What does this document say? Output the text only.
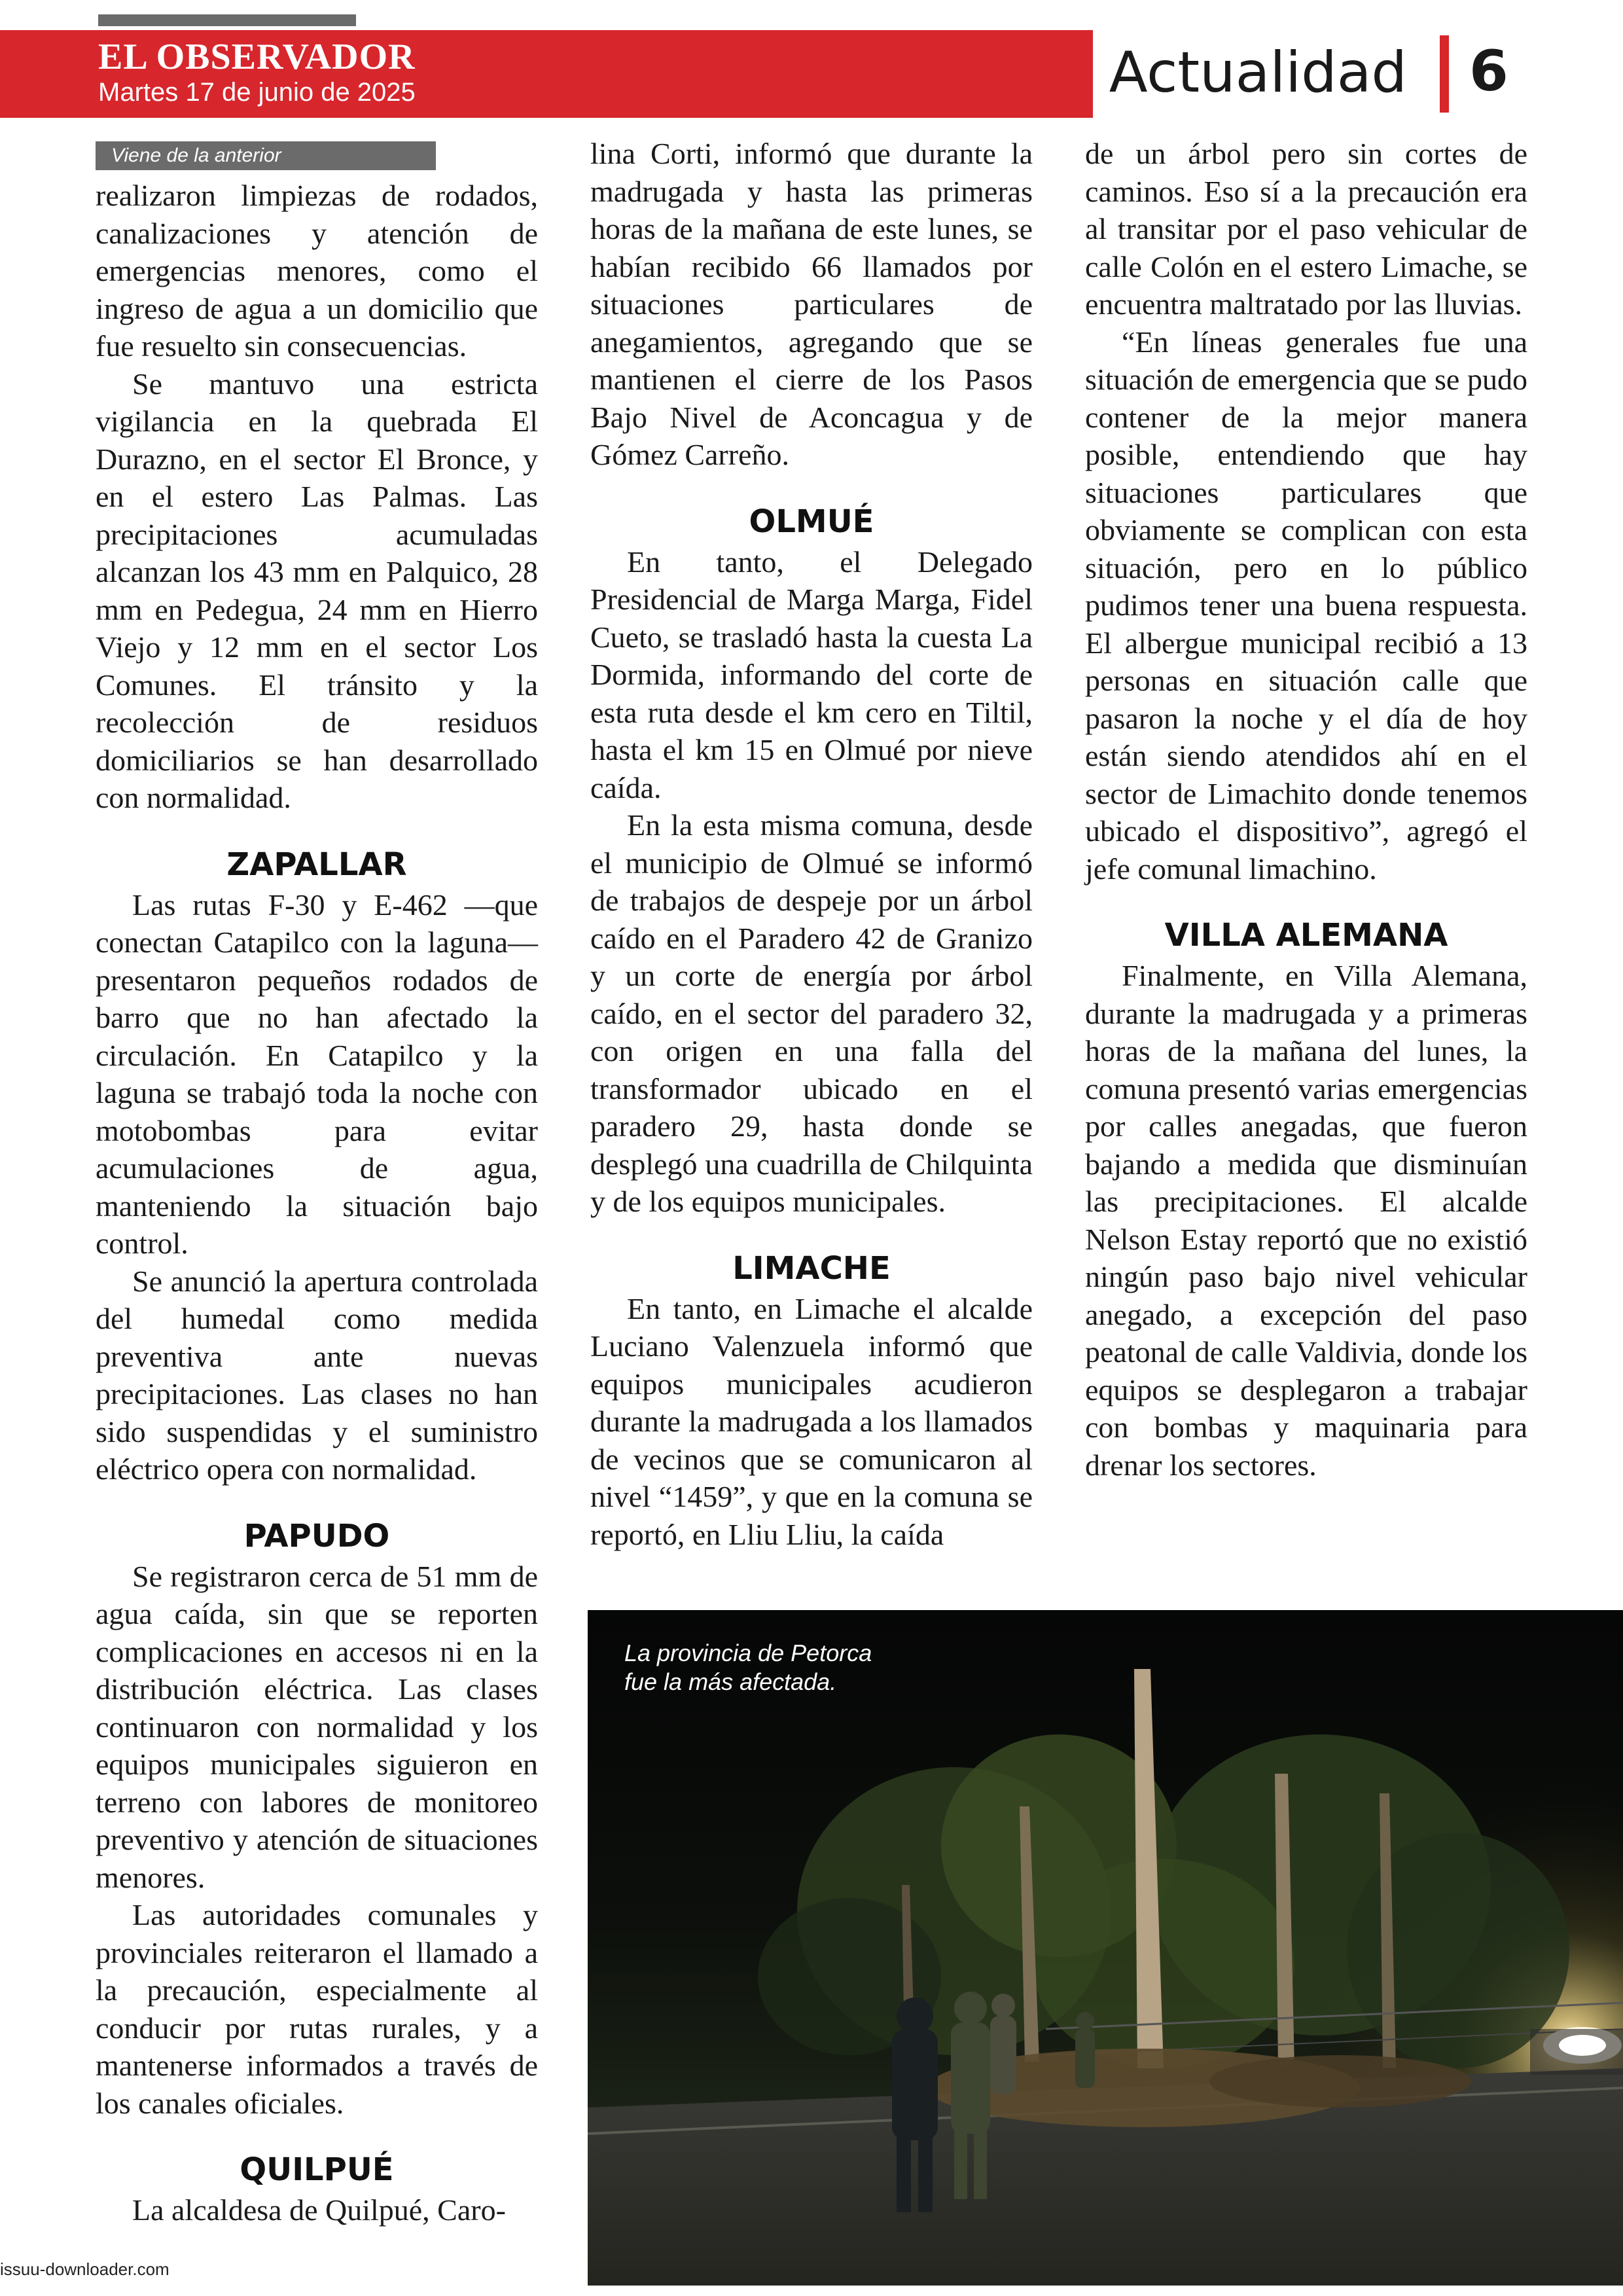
EL OBSERVADOR
Martes 17 de junio de 2025	Actualidad 6
Viene de la anterior

realizaron limpiezas de rodados, canalizaciones y atención de emergencias menores, como el ingreso de agua a un domicilio que fue resuelto sin consecuencias.

Se mantuvo una estricta vigilancia en la quebrada El Durazno, en el sector El Bronce, y en el estero Las Palmas. Las precipitaciones acumuladas alcanzan los 43 mm en Palquico, 28 mm en Pedegua, 24 mm en Hierro Viejo y 12 mm en el sector Los Comunes. El tránsito y la recolección de residuos domiciliarios se han desarrollado con normalidad.

ZAPALLAR

Las rutas F-30 y E-462 —que conectan Catapilco con la laguna— presentaron pequeños rodados de barro que no han afectado la circulación. En Catapilco y la laguna se trabajó toda la noche con motobombas para evitar acumulaciones de agua, manteniendo la situación bajo control.

Se anunció la apertura controlada del humedal como medida preventiva ante nuevas precipitaciones. Las clases no han sido suspendidas y el suministro eléctrico opera con normalidad.

PAPUDO

Se registraron cerca de 51 mm de agua caída, sin que se reporten complicaciones en accesos ni en la distribución eléctrica. Las clases continuaron con normalidad y los equipos municipales siguieron en terreno con labores de monitoreo preventivo y atención de situaciones menores.

Las autoridades comunales y provinciales reiteraron el llamado a la precaución, especialmente al conducir por rutas rurales, y a mantenerse informados a través de los canales oficiales.

QUILPUÉ

La alcaldesa de Quilpué, Caro-

lina Corti, informó que durante la madrugada y hasta las primeras horas de la mañana de este lunes, se habían recibido 66 llamados por situaciones particulares de anegamientos, agregando que se mantienen el cierre de los Pasos Bajo Nivel de Aconcagua y de Gómez Carreño.

OLMUÉ

En tanto, el Delegado Presidencial de Marga Marga, Fidel Cueto, se trasladó hasta la cuesta La Dormida, informando del corte de esta ruta desde el km cero en Tiltil, hasta el km 15 en Olmué por nieve caída.

En la esta misma comuna, desde el municipio de Olmué se informó de trabajos de despeje por un árbol caído en el Paradero 42 de Granizo y un corte de energía por árbol caído, en el sector del paradero 32, con origen en una falla del transformador ubicado en el paradero 29, hasta donde se desplegó una cuadrilla de Chilquinta y de los equipos municipales.

LIMACHE

En tanto, en Limache el alcalde Luciano Valenzuela informó que equipos municipales acudieron durante la madrugada a los llamados de vecinos que se comunicaron al nivel “1459”, y que en la comuna se reportó, en Lliu Lliu, la caída

de un árbol pero sin cortes de caminos. Eso sí a la precaución era al transitar por el paso vehicular de calle Colón en el estero Limache, se encuentra maltratado por las lluvias.

“En líneas generales fue una situación de emergencia que se pudo contener de la mejor manera posible, entendiendo que hay situaciones particulares que obviamente se complican con esta situación, pero en lo público pudimos tener una buena respuesta. El albergue municipal recibió a 13 personas en situación calle que pasaron la noche y el día de hoy están siendo atendidos ahí en el sector de Limachito donde tenemos ubicado el dispositivo”, agregó el jefe comunal limachino.

VILLA ALEMANA

Finalmente, en Villa Alemana, durante la madrugada y a primeras horas de la mañana del lunes, la comuna presentó varias emergencias por calles anegadas, que fueron bajando a medida que disminuían las precipitaciones. El alcalde Nelson Estay reportó que no existió ningún paso bajo nivel vehicular anegado, a excepción del paso peatonal de calle Valdivia, donde los equipos se desplegaron a trabajar con bombas y maquinaria para drenar los sectores.

La provincia de Petorca
fue la más afectada.
issuu-downloader.com
